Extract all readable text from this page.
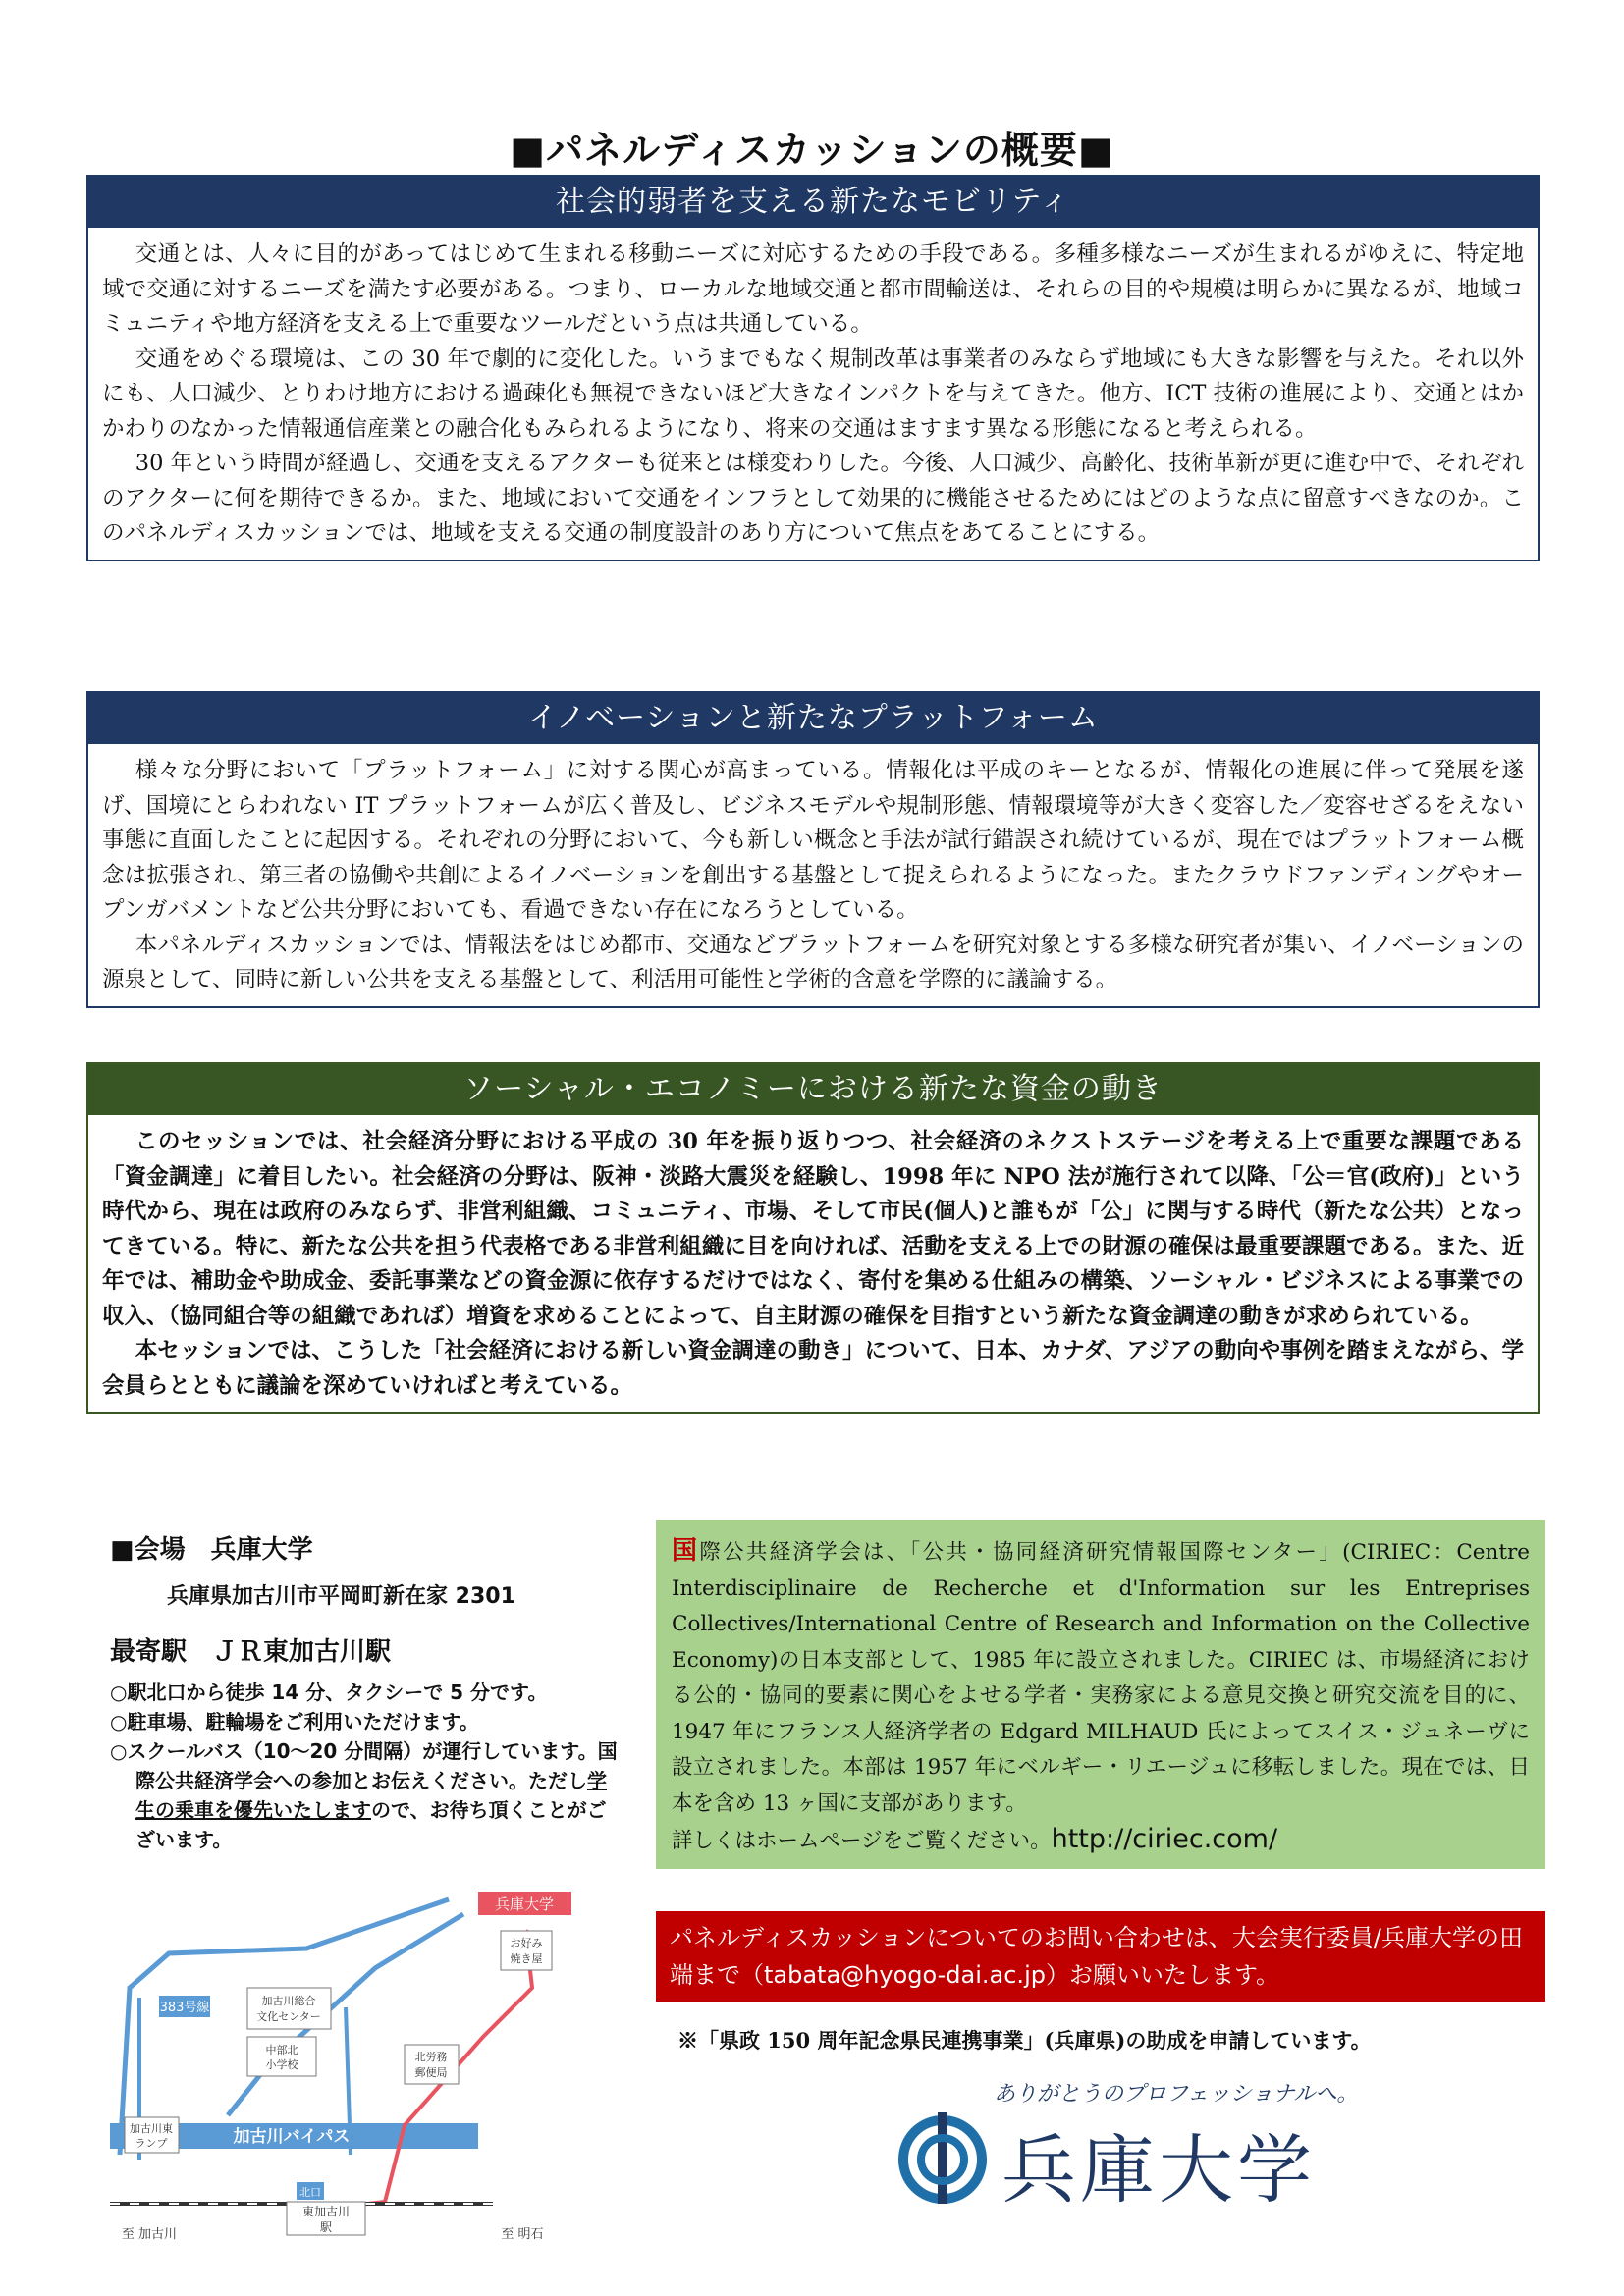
■パネルディスカッションの概要■
社会的弱者を支える新たなモビリティ

交通とは、人々に目的があってはじめて生まれる移動ニーズに対応するための手段である。多種多様なニーズが生まれるがゆえに、特定地域で交通に対するニーズを満たす必要がある。つまり、ローカルな地域交通と都市間輸送は、それらの目的や規模は明らかに異なるが、地域コミュニティや地方経済を支える上で重要なツールだという点は共通している。

交通をめぐる環境は、この 30 年で劇的に変化した。いうまでもなく規制改革は事業者のみならず地域にも大きな影響を与えた。それ以外にも、人口減少、とりわけ地方における過疎化も無視できないほど大きなインパクトを与えてきた。他方、ICT 技術の進展により、交通とはかかわりのなかった情報通信産業との融合化もみられるようになり、将来の交通はますます異なる形態になると考えられる。

30 年という時間が経過し、交通を支えるアクターも従来とは様変わりした。今後、人口減少、高齢化、技術革新が更に進む中で、それぞれのアクターに何を期待できるか。また、地域において交通をインフラとして効果的に機能させるためにはどのような点に留意すべきなのか。このパネルディスカッションでは、地域を支える交通の制度設計のあり方について焦点をあてることにする。

イノベーションと新たなプラットフォーム

様々な分野において「プラットフォーム」に対する関心が高まっている。情報化は平成のキーとなるが、情報化の進展に伴って発展を遂げ、国境にとらわれない IT プラットフォームが広く普及し、ビジネスモデルや規制形態、情報環境等が大きく変容した／変容せざるをえない事態に直面したことに起因する。それぞれの分野において、今も新しい概念と手法が試行錯誤され続けているが、現在ではプラットフォーム概念は拡張され、第三者の協働や共創によるイノベーションを創出する基盤として捉えられるようになった。またクラウドファンディングやオープンガバメントなど公共分野においても、看過できない存在になろうとしている。

本パネルディスカッションでは、情報法をはじめ都市、交通などプラットフォームを研究対象とする多様な研究者が集い、イノベーションの源泉として、同時に新しい公共を支える基盤として、利活用可能性と学術的含意を学際的に議論する。

ソーシャル・エコノミーにおける新たな資金の動き

このセッションでは、社会経済分野における平成の 30 年を振り返りつつ、社会経済のネクストステージを考える上で重要な課題である「資金調達」に着目したい。社会経済の分野は、阪神・淡路大震災を経験し、1998 年に NPO 法が施行されて以降、「公＝官(政府)」という時代から、現在は政府のみならず、非営利組織、コミュニティ、市場、そして市民(個人)と誰もが「公」に関与する時代（新たな公共）となってきている。特に、新たな公共を担う代表格である非営利組織に目を向ければ、活動を支える上での財源の確保は最重要課題である。また、近年では、補助金や助成金、委託事業などの資金源に依存するだけではなく、寄付を集める仕組みの構築、ソーシャル・ビジネスによる事業での収入、（協同組合等の組織であれば）増資を求めることによって、自主財源の確保を目指すという新たな資金調達の動きが求められている。

本セッションでは、こうした「社会経済における新しい資金調達の動き」について、日本、カナダ、アジアの動向や事例を踏まえながら、学会員らとともに議論を深めていければと考えている。

■会場　兵庫大学
兵庫県加古川市平岡町新在家 2301
最寄駅　ＪＲ東加古川駅
○駅北口から徒歩 14 分、タクシーで 5 分です。
○駐車場、駐輪場をご利用いただけます。
○スクールバス（10～20 分間隔）が運行しています。国際公共経済学会への参加とお伝えください。ただし学生の乗車を優先いたしますので、お待ち頂くことがございます。
加古川バイパス
兵庫大学
お好み
焼き屋
加古川総合
文化センター
中部北
小学校
北労務
郵便局
383号線
加古川東
ランプ
北口
東加古川
駅
至 加古川	至 明石

国際公共経済学会は、「公共・協同経済研究情報国際センター」(CIRIEC：Centre Interdisciplinaire de Recherche et d'Information sur les Entreprises Collectives/International Centre of Research and Information on the Collective Economy)の日本支部として、1985 年に設立されました。CIRIEC は、市場経済における公的・協同的要素に関心をよせる学者・実務家による意見交換と研究交流を目的に、1947 年にフランス人経済学者の Edgard MILHAUD 氏によってスイス・ジュネーヴに設立されました。本部は 1957 年にベルギー・リエージュに移転しました。現在では、日本を含め 13 ヶ国に支部があります。
詳しくはホームページをご覧ください。http://ciriec.com/

パネルディスカッションについてのお問い合わせは、大会実行委員/兵庫大学の田端まで（tabata@hyogo-dai.ac.jp）お願いいたします。

※「県政 150 周年記念県民連携事業」(兵庫県)の助成を申請しています。
ありがとうのプロフェッショナルへ。
兵庫大学
